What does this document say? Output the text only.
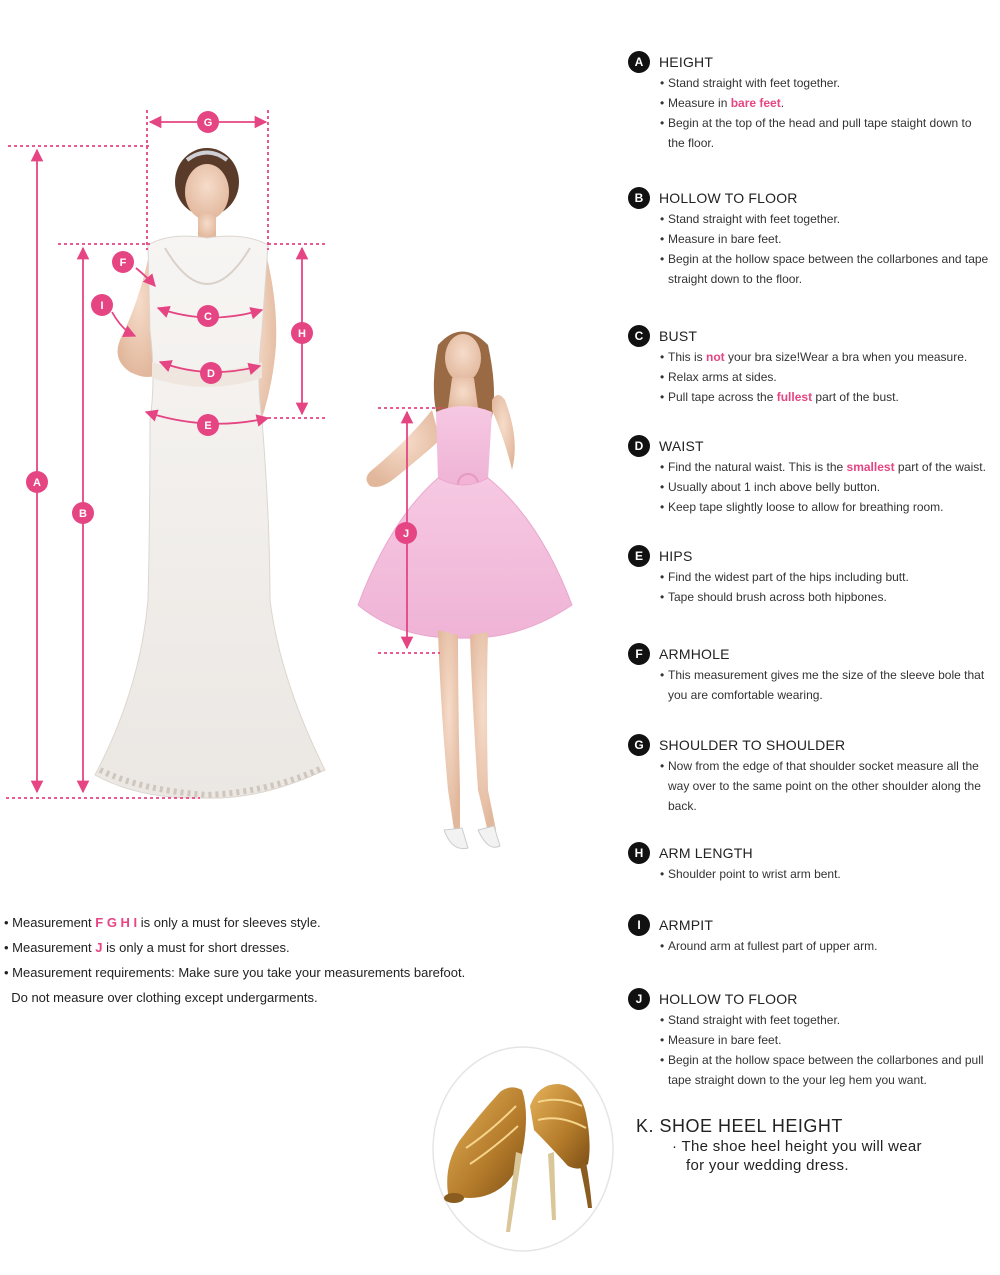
A
B
C
D
E
F
G
H
I
J
A	HEIGHT
• Stand straight with feet together.
• Measure in bare feet.
• Begin at the top of the head and pull tape staight down to
the floor.
B	HOLLOW TO FLOOR
• Stand straight with feet together.
• Measure in bare feet.
• Begin at the hollow space between the collarbones and tape
straight down to the floor.
C	BUST
• This is not your bra size!Wear a bra when you measure.
• Relax arms at sides.
• Pull tape across the fullest part of the bust.
D	WAIST
• Find the natural waist. This is the smallest part of the waist.
• Usually about 1 inch above belly button.
• Keep tape slightly loose to allow for breathing room.
E	HIPS
• Find the widest part of the hips including butt.
• Tape should brush across both hipbones.
F	ARMHOLE
• This measurement gives me the size of the sleeve bole that
you are comfortable wearing.
G	SHOULDER TO SHOULDER
• Now from the edge of that shoulder socket measure all the
way over to the same point on the other shoulder along the
back.
H	ARM LENGTH
• Shoulder point to wrist arm bent.
I	ARMPIT
• Around arm at fullest part of upper arm.
J	HOLLOW TO FLOOR
• Stand straight with feet together.
• Measure in bare feet.
• Begin at the hollow space between the collarbones and pull
tape straight down to the your leg hem you want.
• Measurement F G H I is only a must for sleeves style.
• Measurement J is only a must for short dresses.
• Measurement requirements: Make sure you take your measurements barefoot.
Do not measure over clothing except undergarments.
K. SHOE HEEL HEIGHT
· The shoe heel height you will wear
for your wedding dress.
